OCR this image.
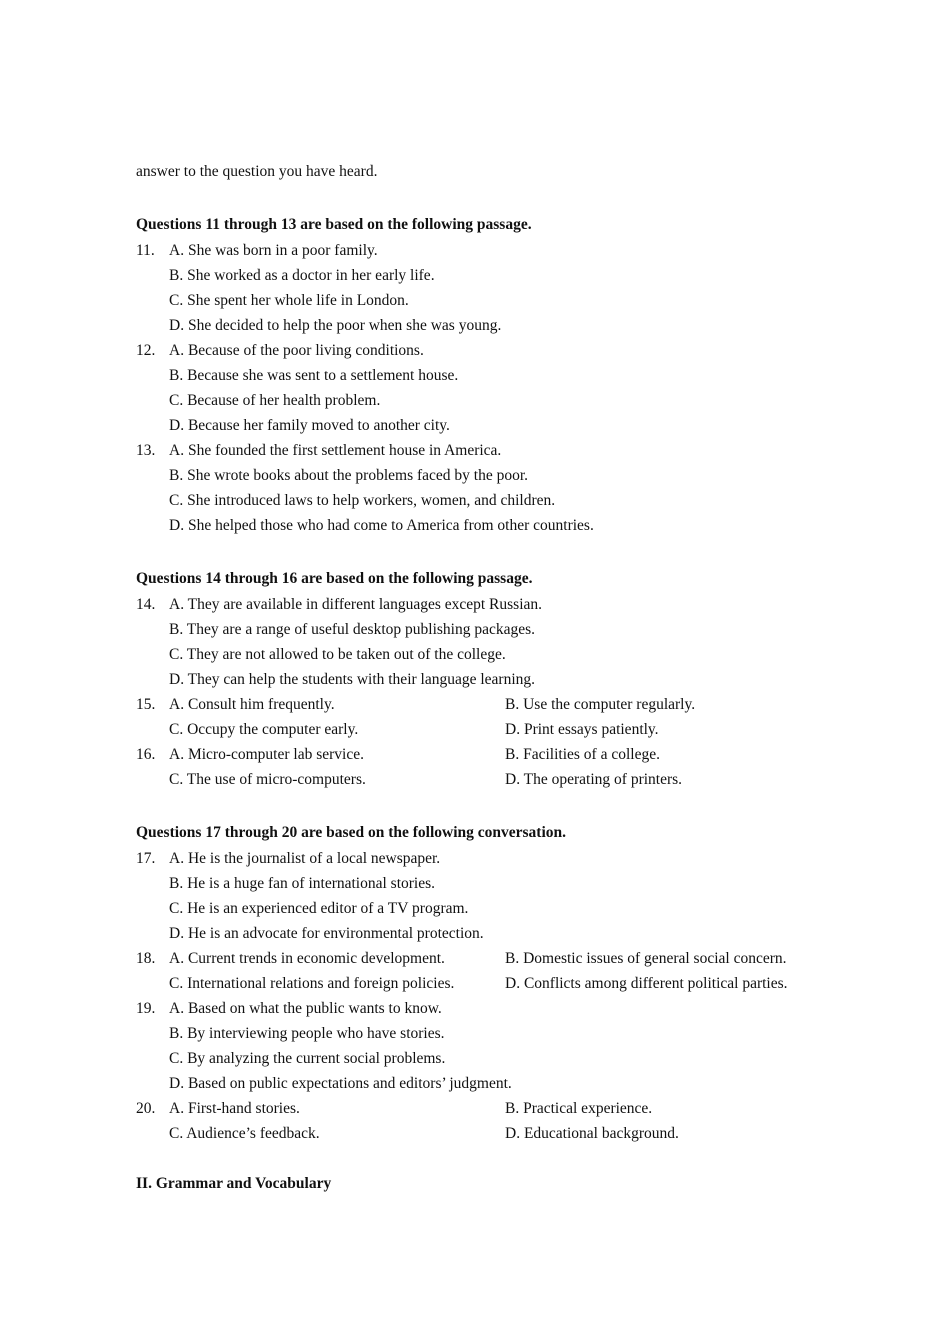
answer to the question you have heard.
Questions 11 through 13 are based on the following passage.
11. A. She was born in a poor family.
B. She worked as a doctor in her early life.
C. She spent her whole life in London.
D. She decided to help the poor when she was young.
12. A. Because of the poor living conditions.
B. Because she was sent to a settlement house.
C. Because of her health problem.
D. Because her family moved to another city.
13. A. She founded the first settlement house in America.
B. She wrote books about the problems faced by the poor.
C. She introduced laws to help workers, women, and children.
D. She helped those who had come to America from other countries.
Questions 14 through 16 are based on the following passage.
14. A. They are available in different languages except Russian.
B. They are a range of useful desktop publishing packages.
C. They are not allowed to be taken out of the college.
D. They can help the students with their language learning.
15. A. Consult him frequently.	B. Use the computer regularly.
C. Occupy the computer early.	D. Print essays patiently.
16. A. Micro-computer lab service.	B. Facilities of a college.
C. The use of micro-computers.	D. The operating of printers.
Questions 17 through 20 are based on the following conversation.
17. A. He is the journalist of a local newspaper.
B. He is a huge fan of international stories.
C. He is an experienced editor of a TV program.
D. He is an advocate for environmental protection.
18. A. Current trends in economic development.	B. Domestic issues of general social concern.
C. International relations and foreign policies.	D. Conflicts among different political parties.
19. A. Based on what the public wants to know.
B. By interviewing people who have stories.
C. By analyzing the current social problems.
D. Based on public expectations and editors’ judgment.
20. A. First-hand stories.	B. Practical experience.
C. Audience’s feedback.	D. Educational background.
II. Grammar and Vocabulary
